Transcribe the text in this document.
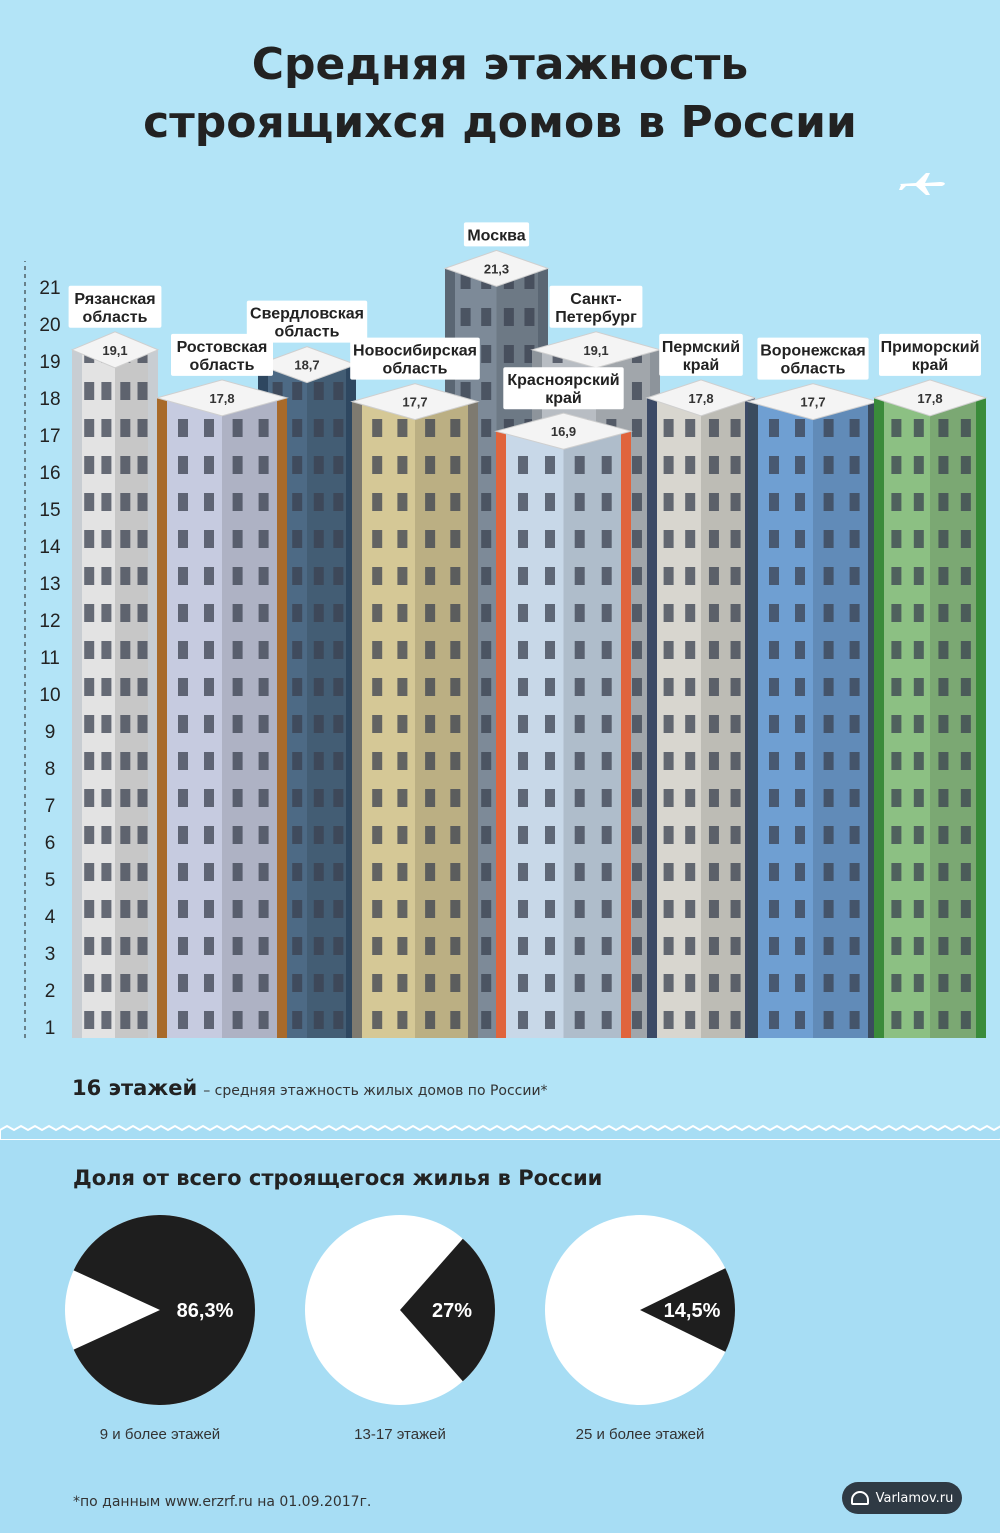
Средняя этажность
строящихся домов в России
1
2
3
4
5
6
7
8
9
10
11
12
13
14
15
16
17
18
19
20
21
21,3
Москва
19,1
Санкт-
Петербург
19,1
Рязанская
область
18,7
Свердловская
область
17,8
Ростовская
область
17,7
Новосибирская
область
16,9
Красноярский
край	17,8
Пермский
край
17,7
Воронежская
область
17,8
Приморский
край
16 этажей – средняя этажность жилых домов по России*
Доля от всего строящегося жилья в России
86,3%
9 и более этажей
27%
13-17 этажей
14,5%
25 и более этажей
*по данным www.erzrf.ru на 01.09.2017г.	Varlamov.ru
